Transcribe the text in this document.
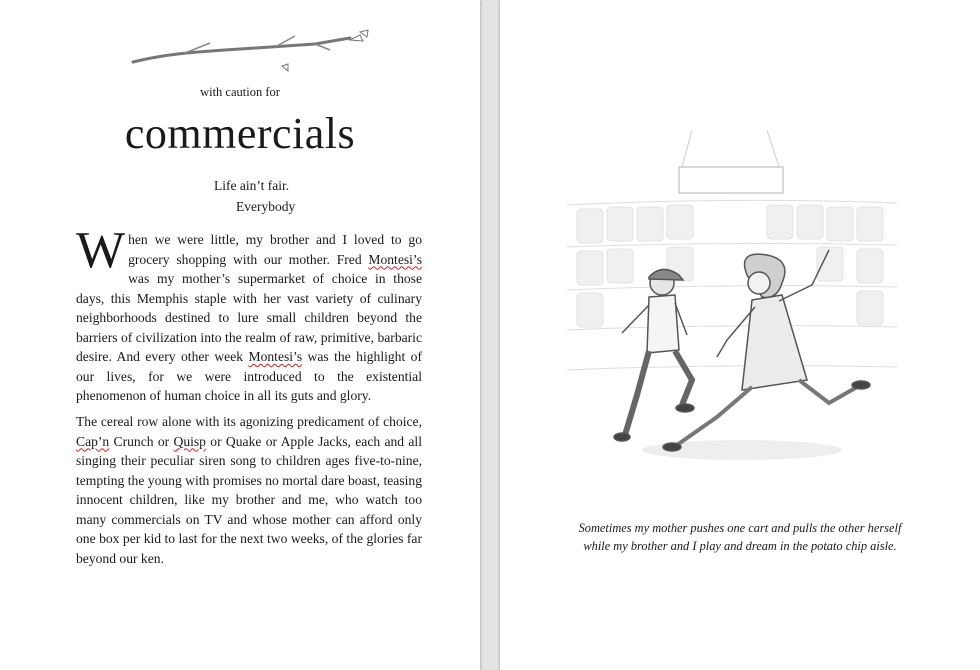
with caution for
commercials
Life ain’t fair.
Everybody
When we were little, my brother and I loved to go grocery shopping with our mother. Fred Montesi’s was my mother’s supermarket of choice in those days, this Memphis staple with her vast variety of culinary neighborhoods destined to lure small children beyond the barriers of civilization into the realm of raw, primitive, barbaric desire. And every other week Montesi’s was the highlight of our lives, for we were introduced to the existential phenomenon of human choice in all its guts and glory.
The cereal row alone with its agonizing predicament of choice, Cap’n Crunch or Quisp or Quake or Apple Jacks, each and all singing their peculiar siren song to children ages five-to-nine, tempting the young with promises no mortal dare boast, teasing innocent children, like my brother and me, who watch too many commercials on TV and whose mother can afford only one box per kid to last for the next two weeks, of the glories far beyond our ken.
Sometimes my mother pushes one cart and pulls the other herself
while my brother and I play and dream in the potato chip aisle.
